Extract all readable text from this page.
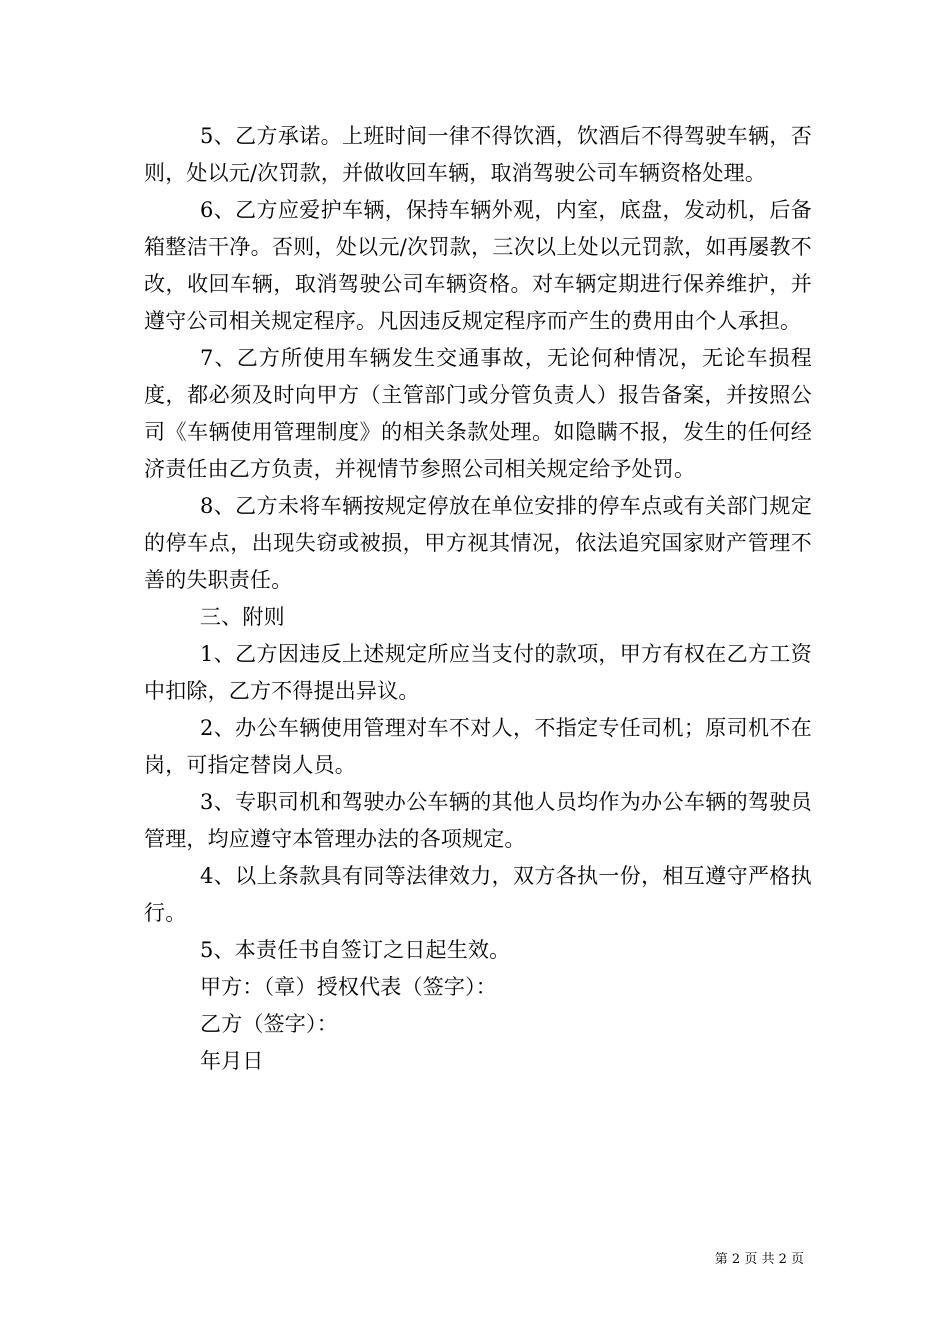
5、乙方承诺。上班时间一律不得饮酒，饮酒后不得驾驶车辆，否则，处以元/次罚款，并做收回车辆，取消驾驶公司车辆资格处理。

6、乙方应爱护车辆，保持车辆外观，内室，底盘，发动机，后备箱整洁干净。否则，处以元/次罚款，三次以上处以元罚款，如再屡教不改，收回车辆，取消驾驶公司车辆资格。对车辆定期进行保养维护，并遵守公司相关规定程序。凡因违反规定程序而产生的费用由个人承担。

7、乙方所使用车辆发生交通事故，无论何种情况，无论车损程度，都必须及时向甲方（主管部门或分管负责人）报告备案，并按照公司《车辆使用管理制度》的相关条款处理。如隐瞒不报，发生的任何经济责任由乙方负责，并视情节参照公司相关规定给予处罚。

8、乙方未将车辆按规定停放在单位安排的停车点或有关部门规定的停车点，出现失窃或被损，甲方视其情况，依法追究国家财产管理不善的失职责任。

三、附则

1、乙方因违反上述规定所应当支付的款项，甲方有权在乙方工资中扣除，乙方不得提出异议。

2、办公车辆使用管理对车不对人，不指定专任司机；原司机不在岗，可指定替岗人员。

3、专职司机和驾驶办公车辆的其他人员均作为办公车辆的驾驶员管理，均应遵守本管理办法的各项规定。

4、以上条款具有同等法律效力，双方各执一份，相互遵守严格执行。

5、本责任书自签订之日起生效。

甲方：（章）授权代表（签字）：

乙方（签字）：

年月日

第 2 页 共 2 页
